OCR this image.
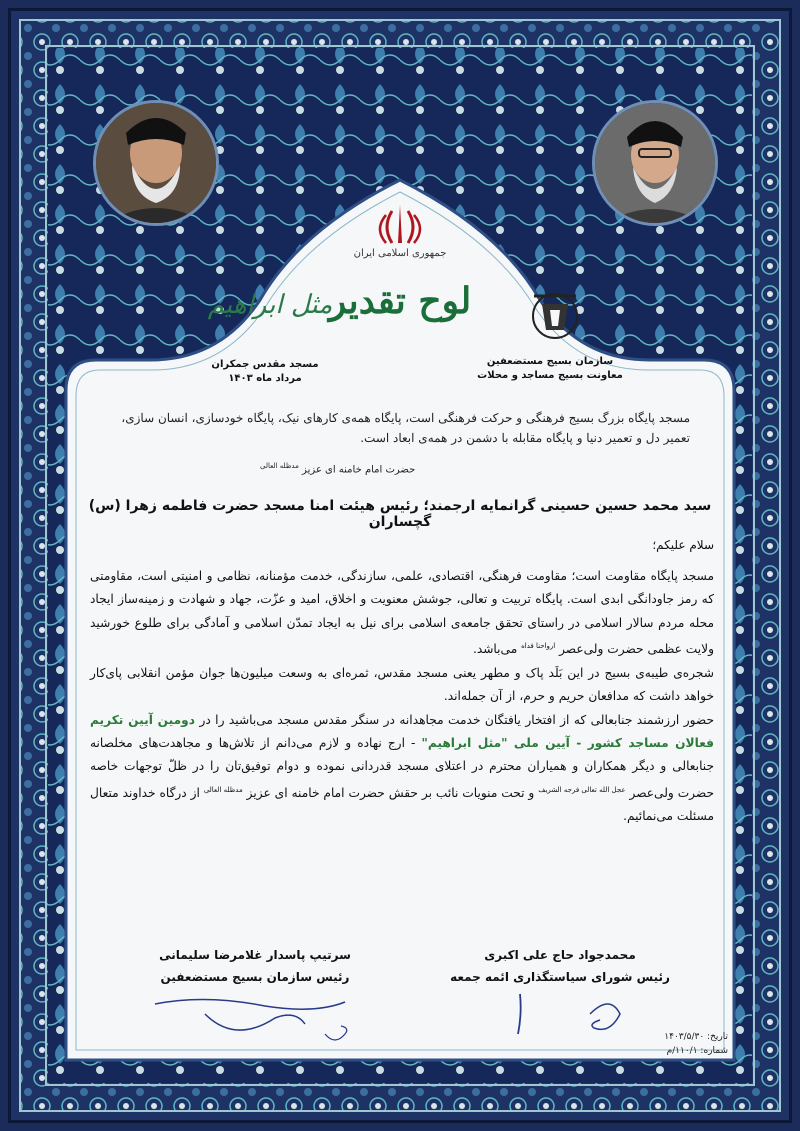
جمهوری اسلامی ایران
لوح تقدیر
مثل ابراهیم
مسجد مقدس جمکران
مرداد ماه ۱۴۰۳
سازمان بسیج مستضعفین
معاونت بسیج مساجد و محلات
مسجد پایگاه بزرگ بسیج فرهنگی و حرکت فرهنگی است، پایگاه همه‌ی کارهای نیک، پایگاه خودسازی، انسان سازی،
تعمیر دل و تعمیر دنیا و پایگاه مقابله با دشمن در همه‌ی ابعاد است.
حضرت امام خامنه ای عزیز $^{مدظله العالی}$
سید محمد حسین حسینی گرانمایه ارجمند؛ رئیس هیئت امنا مسجد حضرت فاطمه زهرا (س) گچساران
سلام علیکم؛
مسجد پایگاه مقاومت است؛ مقاومت فرهنگی، اقتصادی، علمی، سازندگی، خدمت مؤمنانه، نظامی و امنیتی است، مقاومتی که رمز جاودانگی ابدی است. پایگاه تربیت و تعالی، جوشش معنویت و اخلاق، امید و عزّت، جهاد و شهادت و زمینه‌ساز ایجاد محله مردم سالار اسلامی در راستای تحقق جامعه‌ی اسلامی برای نیل به ایجاد تمدّن اسلامی و آمادگی برای طلوع خورشید ولایت عظمی حضرت ولی‌عصر $^{ارواحنا فداه}$ می‌باشد.
شجره‌ی طیبه‌ی بسیج در این بَلَد پاک و مطهر یعنی مسجد مقدس، ثمره‌ای به وسعت میلیون‌ها جوان مؤمن انقلابی پای‌کار خواهد داشت که مدافعان حریم و حرم، از آن جمله‌اند.
حضور ارزشمند جنابعالی که از افتخار یافتگان خدمت مجاهدانه در سنگر مقدس مسجد می‌باشید را در دومین آیین تکریم فعالان مساجد کشور - آیین ملی "مثل ابراهیم" - ارج نهاده و لازم می‌دانم از تلاش‌ها و مجاهدت‌های مخلصانه جنابعالی و دیگر همکاران و همیاران محترم در اعتلای مسجد قدردانی نموده و دوام توفیق‌تان را در ظلّ توجهات خاصه حضرت ولی‌عصر $^{عجل الله تعالی فرجه الشریف}$ و تحت منویات نائب بر حقش حضرت امام خامنه ای عزیز $^{مدظله العالی}$ از درگاه خداوند متعال مسئلت می‌نمائیم.
سرتیپ پاسدار غلامرضا سلیمانی
رئیس سازمان بسیج مستضعفین
محمدجواد حاج علی اکبری
رئیس شورای سیاستگذاری ائمه جمعه
تاریخ: ۱۴۰۳/۵/۳۰
شماره: ۱۱۰/۱/م
